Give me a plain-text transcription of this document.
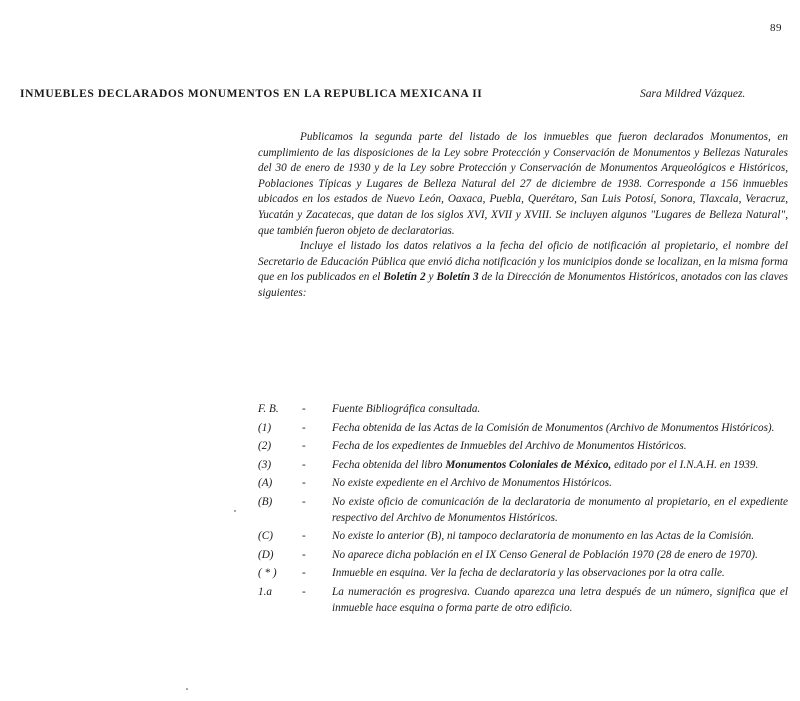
89
INMUEBLES DECLARADOS MONUMENTOS EN LA REPUBLICA MEXICANA II	Sara Mildred Vázquez.

Publicamos la segunda parte del listado de los inmuebles que fueron declarados Monumentos, en cumplimiento de las disposiciones de la Ley sobre Protección y Conservación de Monumentos y Bellezas Naturales del 30 de enero de 1930 y de la Ley sobre Protección y Conservación de Monumentos Arqueológicos e Históricos, Poblaciones Típicas y Lugares de Belleza Natural del 27 de diciembre de 1938. Corresponde a 156 inmuebles ubicados en los estados de Nuevo León, Oaxaca, Puebla, Querétaro, San Luis Potosí, Sonora, Tlaxcala, Veracruz, Yucatán y Zacatecas, que datan de los siglos XVI, XVII y XVIII. Se incluyen algunos "Lugares de Belleza Natural", que también fueron objeto de declaratorias.

Incluye el listado los datos relativos a la fecha del oficio de notificación al propietario, el nombre del Secretario de Educación Pública que envió dicha notificación y los municipios donde se localizan, en la misma forma que en los publicados en el Boletín 2 y Boletín 3 de la Dirección de Monumentos Históricos, anotados con las claves siguientes:

F. B.	-	Fuente Bibliográfica consultada.
(1)	-	Fecha obtenida de las Actas de la Comisión de Monumentos (Archivo de Monumentos Históricos).
(2)	-	Fecha de los expedientes de Inmuebles del Archivo de Monumentos Históricos.
(3)	-	Fecha obtenida del libro Monumentos Coloniales de México, editado por el I.N.A.H. en 1939.
(A)	-	No existe expediente en el Archivo de Monumentos Históricos.
(B)	-	No existe oficio de comunicación de la declaratoria de monumento al propietario, en el expediente respectivo del Archivo de Monumentos Históricos.
(C)	-	No existe lo anterior (B), ni tampoco declaratoria de monumento en las Actas de la Comisión.
(D)	-	No aparece dicha población en el IX Censo General de Población 1970 (28 de enero de 1970).
( * )	-	Inmueble en esquina. Ver la fecha de declaratoria y las observaciones por la otra calle.
1.a	-	La numeración es progresiva. Cuando aparezca una letra después de un número, significa que el inmueble hace esquina o forma parte de otro edificio.
